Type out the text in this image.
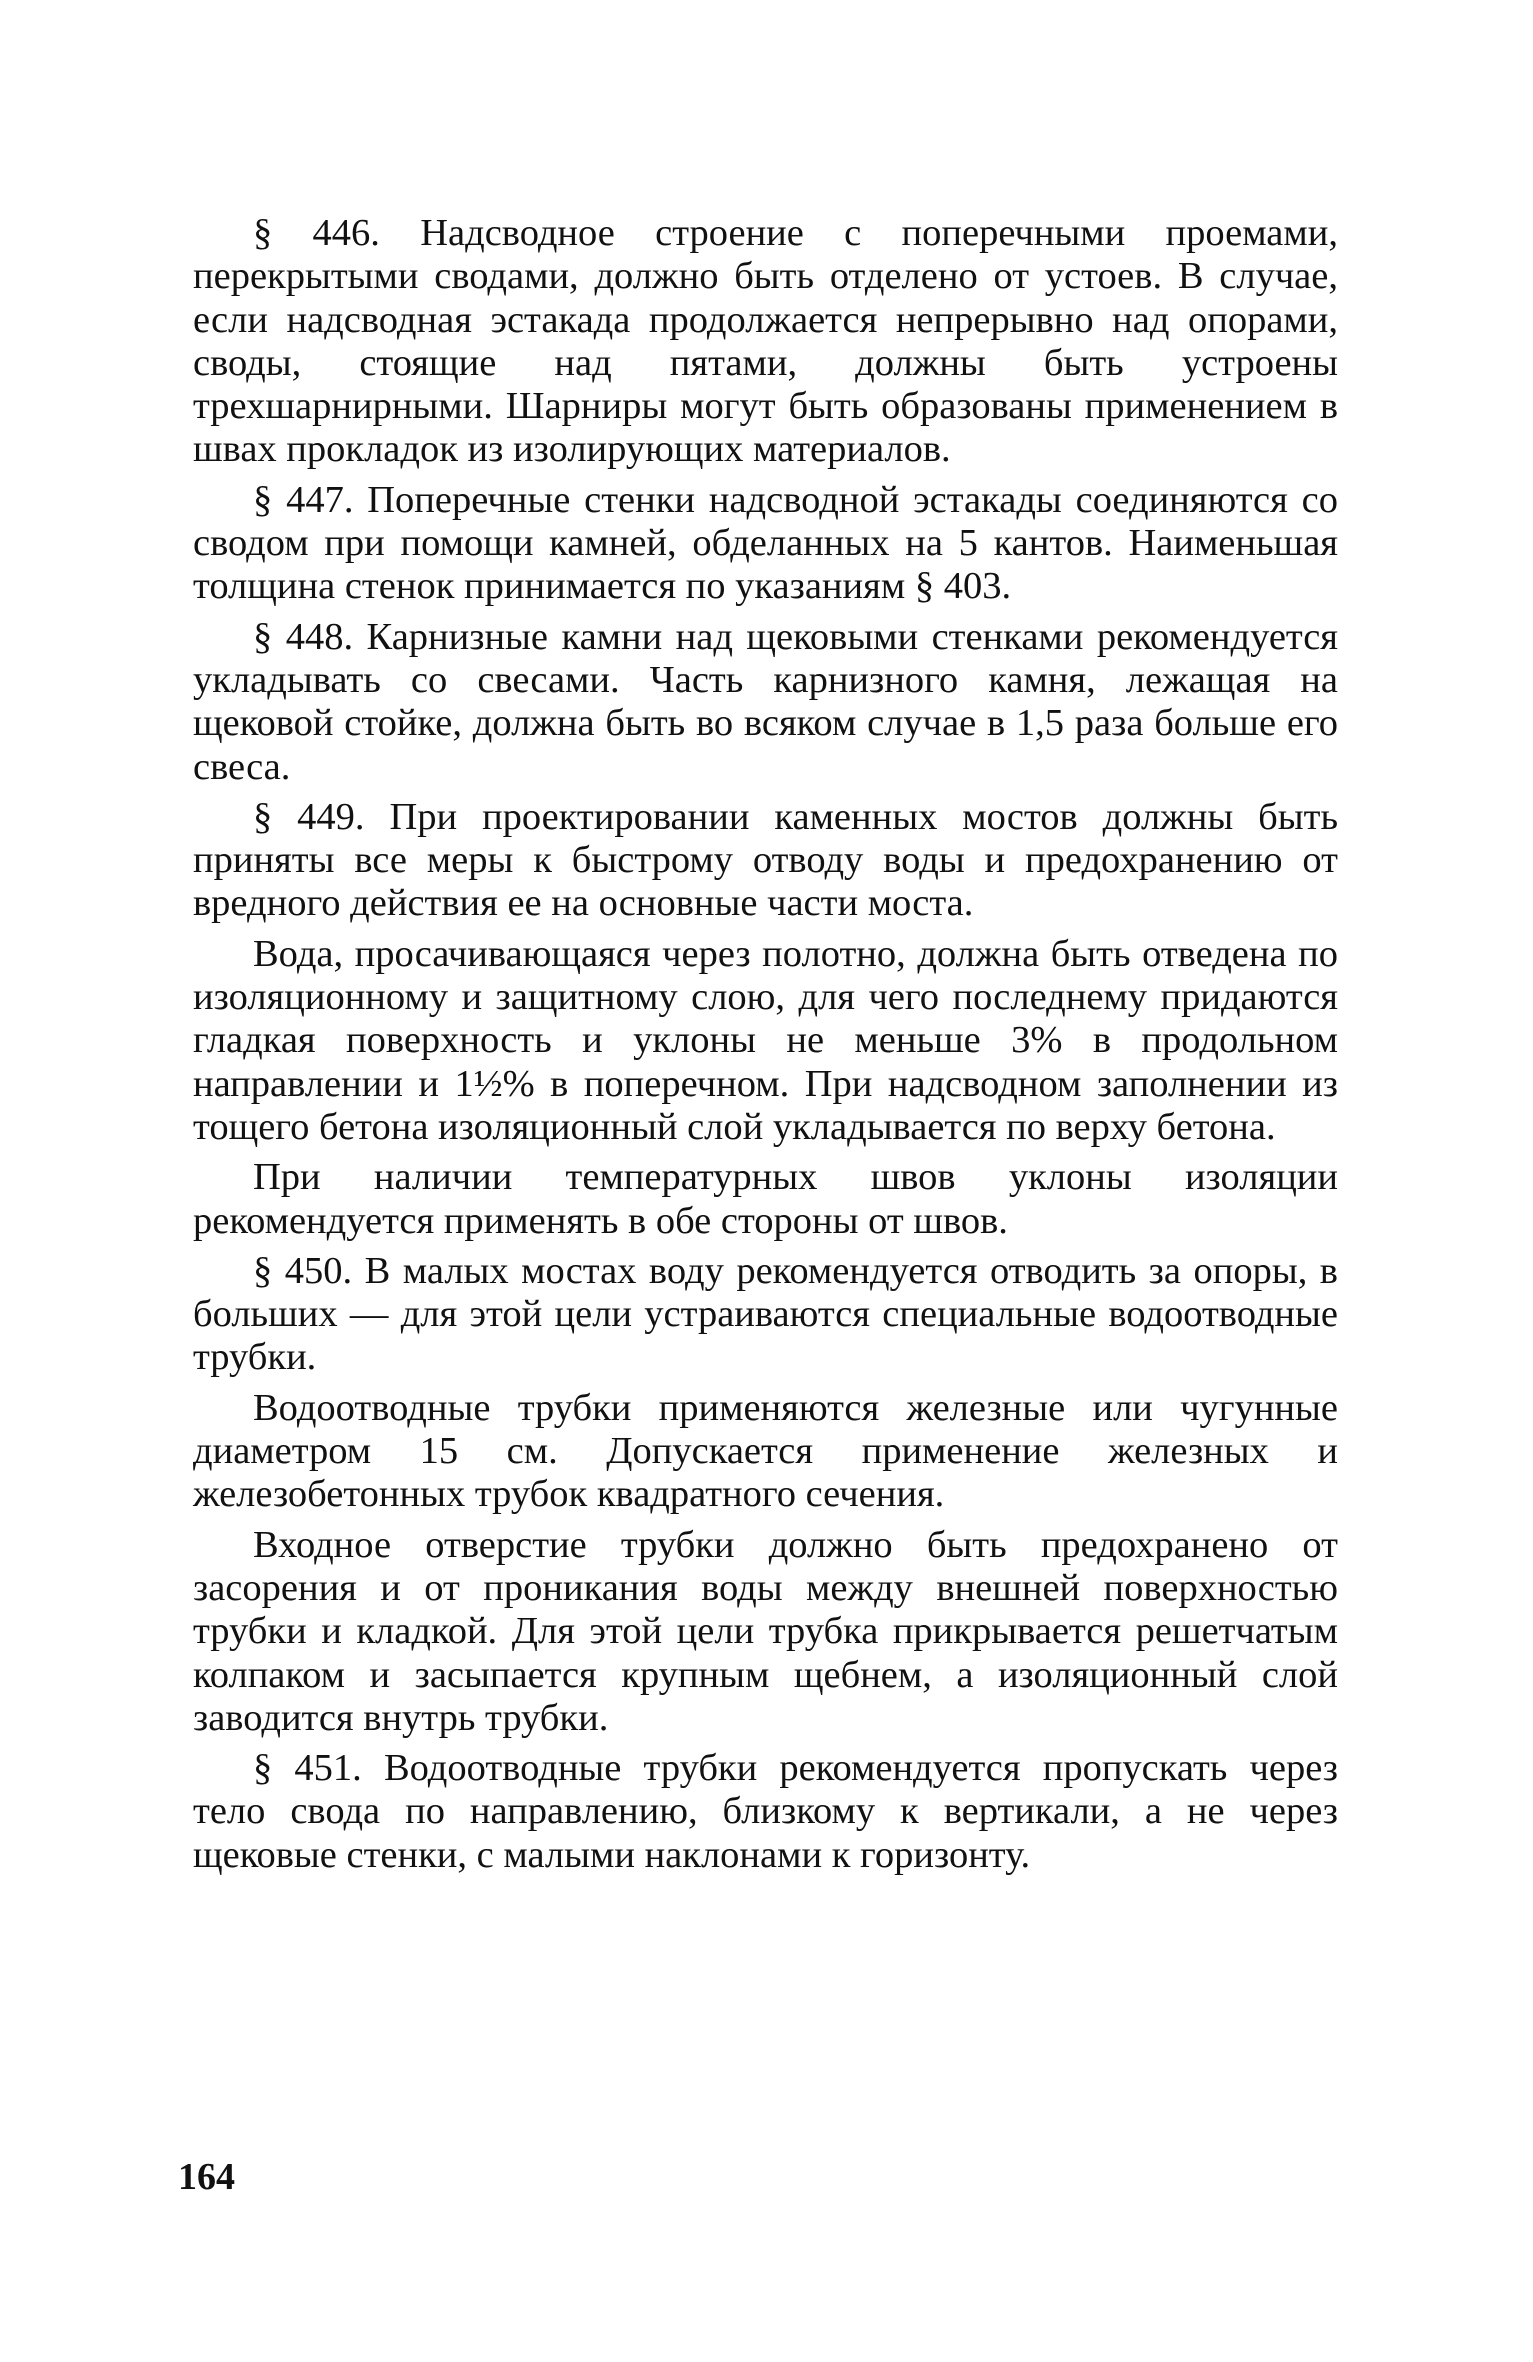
§ 446. Надсводное строение с поперечными проемами, перекрытыми сводами, должно быть отделено от устоев. В случае, если надсводная эстакада продолжается непрерывно над опорами, своды, стоящие над пятами, должны быть устроены трехшарнирными. Шарниры могут быть образованы применением в швах прокладок из изолирующих материалов.

§ 447. Поперечные стенки надсводной эстакады соединяются со сводом при помощи камней, обделанных на 5 кантов. Наименьшая толщина стенок принимается по указаниям § 403.

§ 448. Карнизные камни над щековыми стенками рекомендуется укладывать со свесами. Часть карнизного камня, лежащая на щековой стойке, должна быть во всяком случае в 1,5 раза больше его свеса.

§ 449. При проектировании каменных мостов должны быть приняты все меры к быстрому отводу воды и предохранению от вредного действия ее на основные части моста.

Вода, просачивающаяся через полотно, должна быть отведена по изоляционному и защитному слою, для чего последнему придаются гладкая поверхность и уклоны не меньше 3% в продольном направлении и 1½% в поперечном. При надсводном заполнении из тощего бетона изоляционный слой укладывается по верху бетона.

При наличии температурных швов уклоны изоляции рекомендуется применять в обе стороны от швов.

§ 450. В малых мостах воду рекомендуется отводить за опоры, в больших — для этой цели устраиваются специальные водоотводные трубки.

Водоотводные трубки применяются железные или чугунные диаметром 15 см. Допускается применение железных и железобетонных трубок квадратного сечения.

Входное отверстие трубки должно быть предохранено от засорения и от проникания воды между внешней поверхностью трубки и кладкой. Для этой цели трубка прикрывается решетчатым колпаком и засыпается крупным щебнем, а изоляционный слой заводится внутрь трубки.

§ 451. Водоотводные трубки рекомендуется пропускать через тело свода по направлению, близкому к вертикали, а не через щековые стенки, с малыми наклонами к горизонту.

164
